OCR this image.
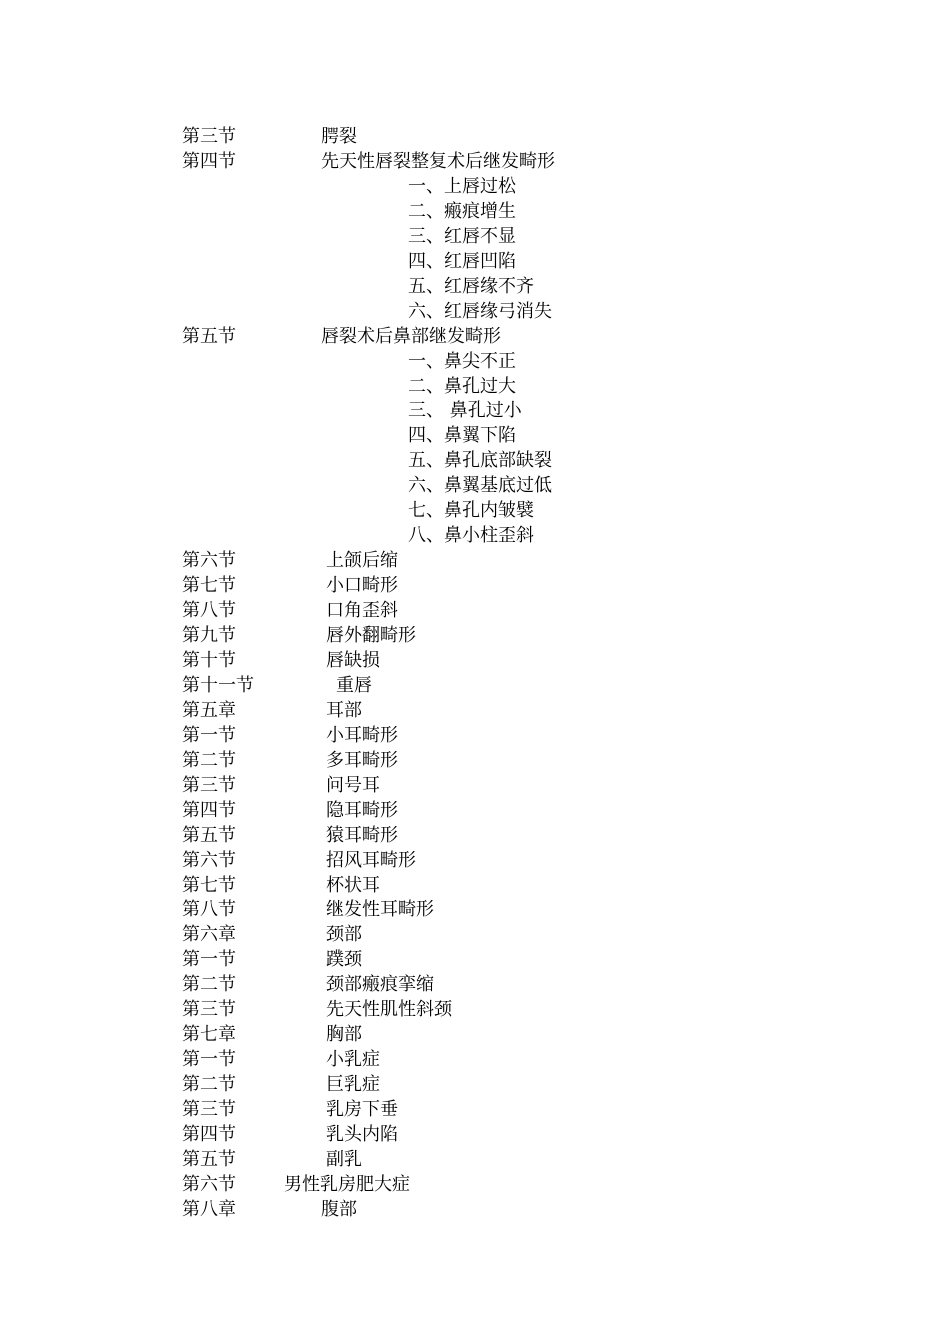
第三节	腭裂
第四节	先天性唇裂整复术后继发畸形
一、上唇过松
二、瘢痕增生
三、红唇不显
四、红唇凹陷
五、红唇缘不齐
六、红唇缘弓消失
第五节	唇裂术后鼻部继发畸形
一、鼻尖不正
二、鼻孔过大
三、 鼻孔过小
四、鼻翼下陷
五、鼻孔底部缺裂
六、鼻翼基底过低
七、鼻孔内皱襞
八、鼻小柱歪斜
第六节	上颌后缩
第七节	小口畸形
第八节	口角歪斜
第九节	唇外翻畸形
第十节	唇缺损
第十一节	重唇
第五章	耳部
第一节	小耳畸形
第二节	多耳畸形
第三节	问号耳
第四节	隐耳畸形
第五节	猿耳畸形
第六节	招风耳畸形
第七节	杯状耳
第八节	继发性耳畸形
第六章	颈部
第一节	蹼颈
第二节	颈部瘢痕挛缩
第三节	先天性肌性斜颈
第七章	胸部
第一节	小乳症
第二节	巨乳症
第三节	乳房下垂
第四节	乳头内陷
第五节	副乳
第六节	男性乳房肥大症
第八章	腹部
